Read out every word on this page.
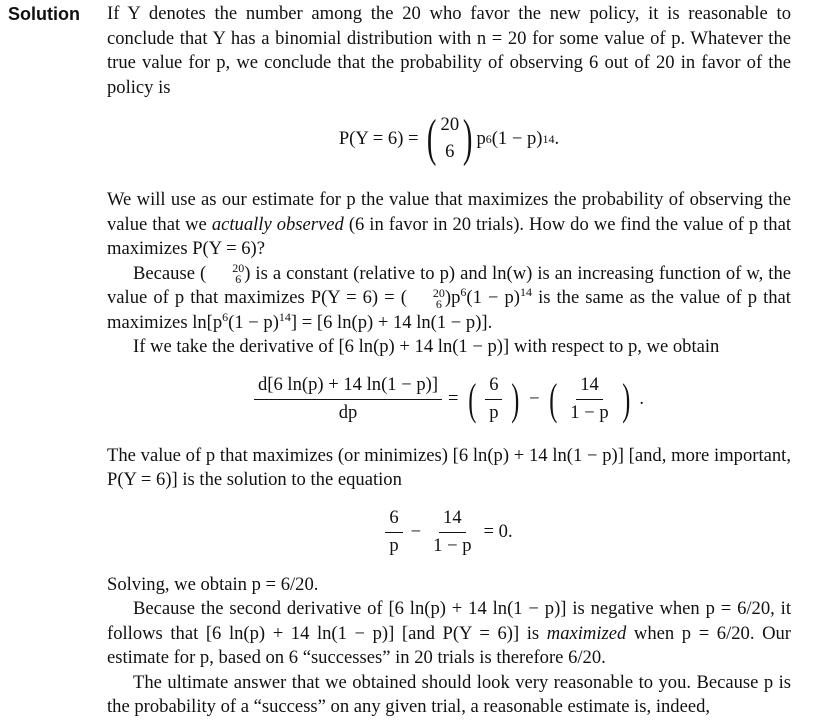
Solution If Y denotes the number among the 20 who favor the new policy, it is reasonable to conclude that Y has a binomial distribution with n = 20 for some value of p. Whatever the true value for p, we conclude that the probability of observing 6 out of 20 in favor of the policy is

P(Y = 6) =
( 20
6 ) p 6 (1 − p) 14 .

We will use as our estimate for p the value that maximizes the probability of observing the value that we actually observed (6 in favor in 20 trials). How do we find the value of p that maximizes P(Y = 6)?

Because (	20
6 ) is a constant (relative to p) and ln(w) is an increasing function of w, the value of p that maximizes P(Y = 6) = (	20
6 )$p^6(1 - p)^{14}$ is the same as the value of p that maximizes $\ln[p^6(1 - p)^{14}] = [6$ ln(p) + 14 ln(1 − p)].

If we take the derivative of [6 ln(p) + 14 ln(1 − p)] with respect to p, we obtain

$\frac{d[6 \ln(p) + 14 \ln(1 - p)]}{dp}$ = ( $\frac{6}{p}$ ) − ( $\frac{14}{1 - p}$ ) .

The value of p that maximizes (or minimizes) [6 ln(p) + 14 ln(1 − p)] [and, more important, P(Y = 6)] is the solution to the equation

$\frac{6}{p} - \frac{14}{1 - p} = 0$.

Solving, we obtain p = 6/20.

Because the second derivative of [6 ln(p) + 14 ln(1 − p)] is negative when p = 6/20, it follows that [6 ln(p) + 14 ln(1 − p)] [and P(Y = 6)] is maximized when p = 6/20. Our estimate for p, based on 6 “successes” in 20 trials is therefore 6/20.

The ultimate answer that we obtained should look very reasonable to you. Because p is the probability of a “success” on any given trial, a reasonable estimate is, indeed,
